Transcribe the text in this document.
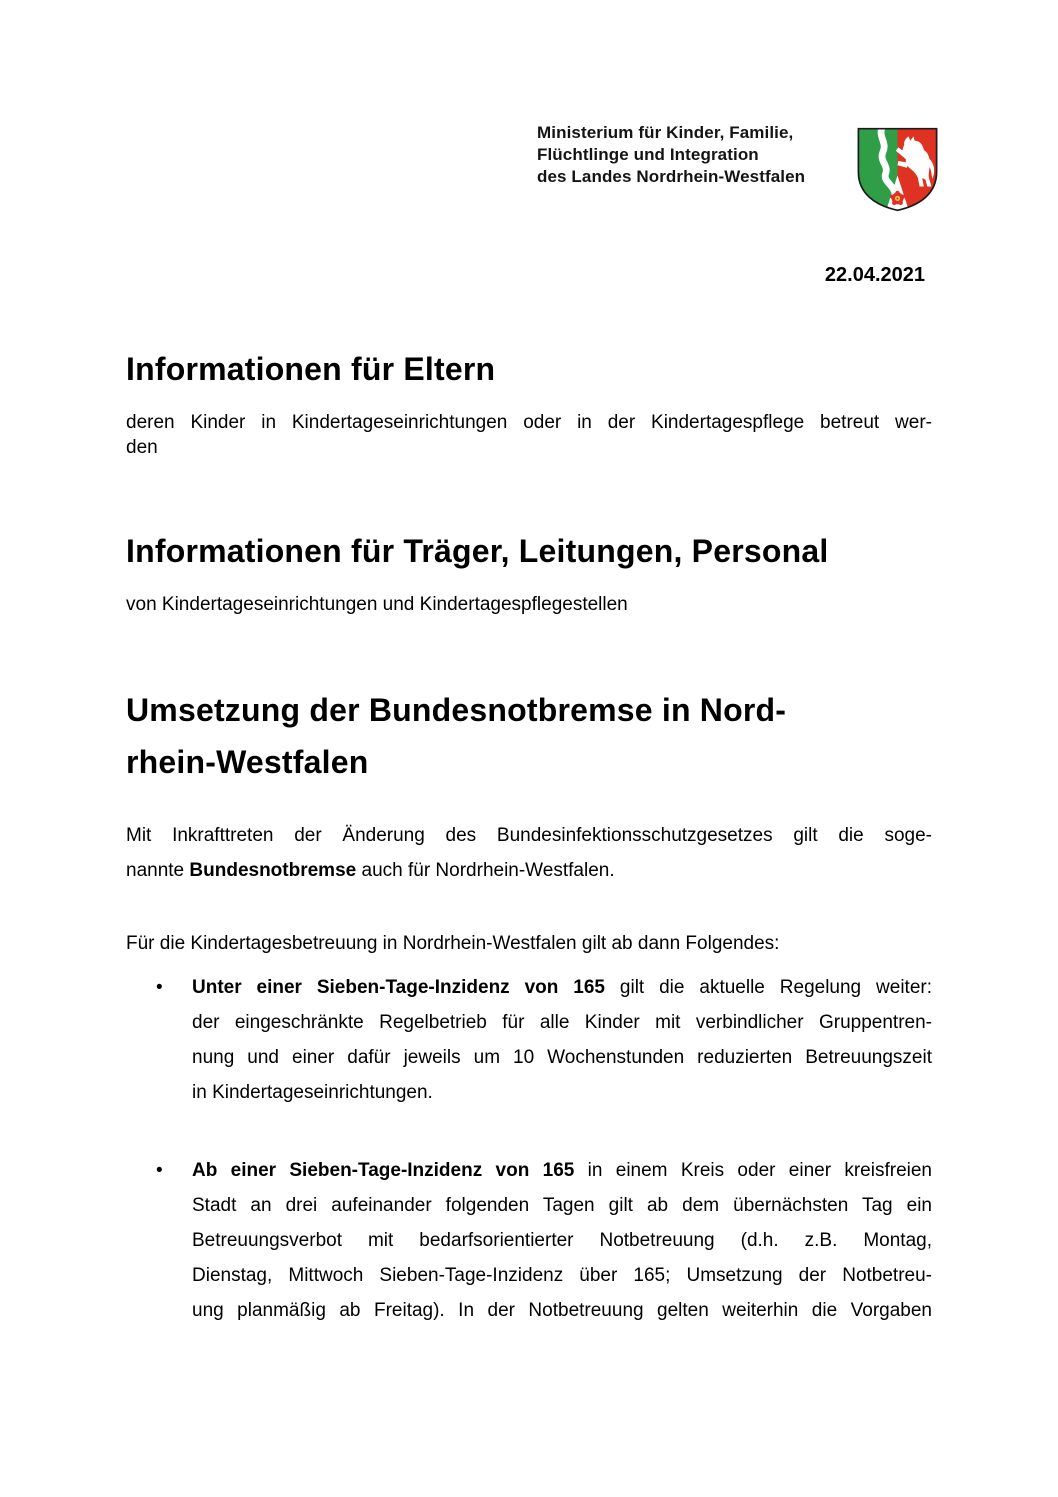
Ministerium für Kinder, Familie,
Flüchtlinge und Integration
des Landes Nordrhein-Westfalen
22.04.2021
Informationen für Eltern
deren Kinder in Kindertageseinrichtungen oder in der Kindertagespflege betreut wer-
den
Informationen für Träger, Leitungen, Personal
von Kindertageseinrichtungen und Kindertagespflegestellen
Umsetzung der Bundesnotbremse in Nord-
rhein-Westfalen
Mit Inkrafttreten der Änderung des Bundesinfektionsschutzgesetzes gilt die soge-
nannte Bundesnotbremse auch für Nordrhein-Westfalen.
Für die Kindertagesbetreuung in Nordrhein-Westfalen gilt ab dann Folgendes:
• Unter einer Sieben-Tage-Inzidenz von 165 gilt die aktuelle Regelung weiter:
der eingeschränkte Regelbetrieb für alle Kinder mit verbindlicher Gruppentren-
nung und einer dafür jeweils um 10 Wochenstunden reduzierten Betreuungszeit
in Kindertageseinrichtungen.
• Ab einer Sieben-Tage-Inzidenz von 165 in einem Kreis oder einer kreisfreien
Stadt an drei aufeinander folgenden Tagen gilt ab dem übernächsten Tag ein
Betreuungsverbot mit bedarfsorientierter Notbetreuung (d.h. z.B. Montag,
Dienstag, Mittwoch Sieben-Tage-Inzidenz über 165; Umsetzung der Notbetreu-
ung planmäßig ab Freitag). In der Notbetreuung gelten weiterhin die Vorgaben
